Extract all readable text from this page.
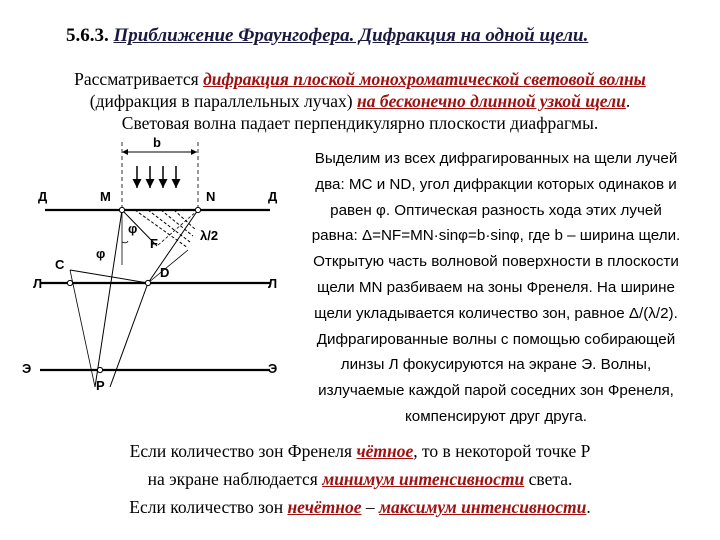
5.6.3. Приближение Фраунгофера. Дифракция на одной щели.
Рассматривается дифракция плоской монохроматической световой волны
(дифракция в параллельных лучах) на бесконечно длинной узкой щели.
Световая волна падает перпендикулярно плоскости диафрагмы.
b
Д	Д
M	N
φ
φ
F
λ/2
Л	Л
C
D
Э	Э
P
Выделим из всех дифрагированных на щели лучей
два: MC и ND, угол дифракции которых одинаков и
равен φ. Оптическая разность хода этих лучей
равна: Δ=NF=MN·sinφ=b·sinφ, где b – ширина щели.
Открытую часть волновой поверхности в плоскости
щели MN разбиваем на зоны Френеля. На ширине
щели укладывается количество зон, равное Δ/(λ/2).
Дифрагированные волны с помощью собирающей
линзы Л фокусируются на экране Э. Волны,
излучаемые каждой парой соседних зон Френеля,
компенсируют друг друга.
Если количество зон Френеля чётное, то в некоторой точке P
на экране наблюдается минимум интенсивности света.
Если количество зон нечётное – максимум интенсивности.
